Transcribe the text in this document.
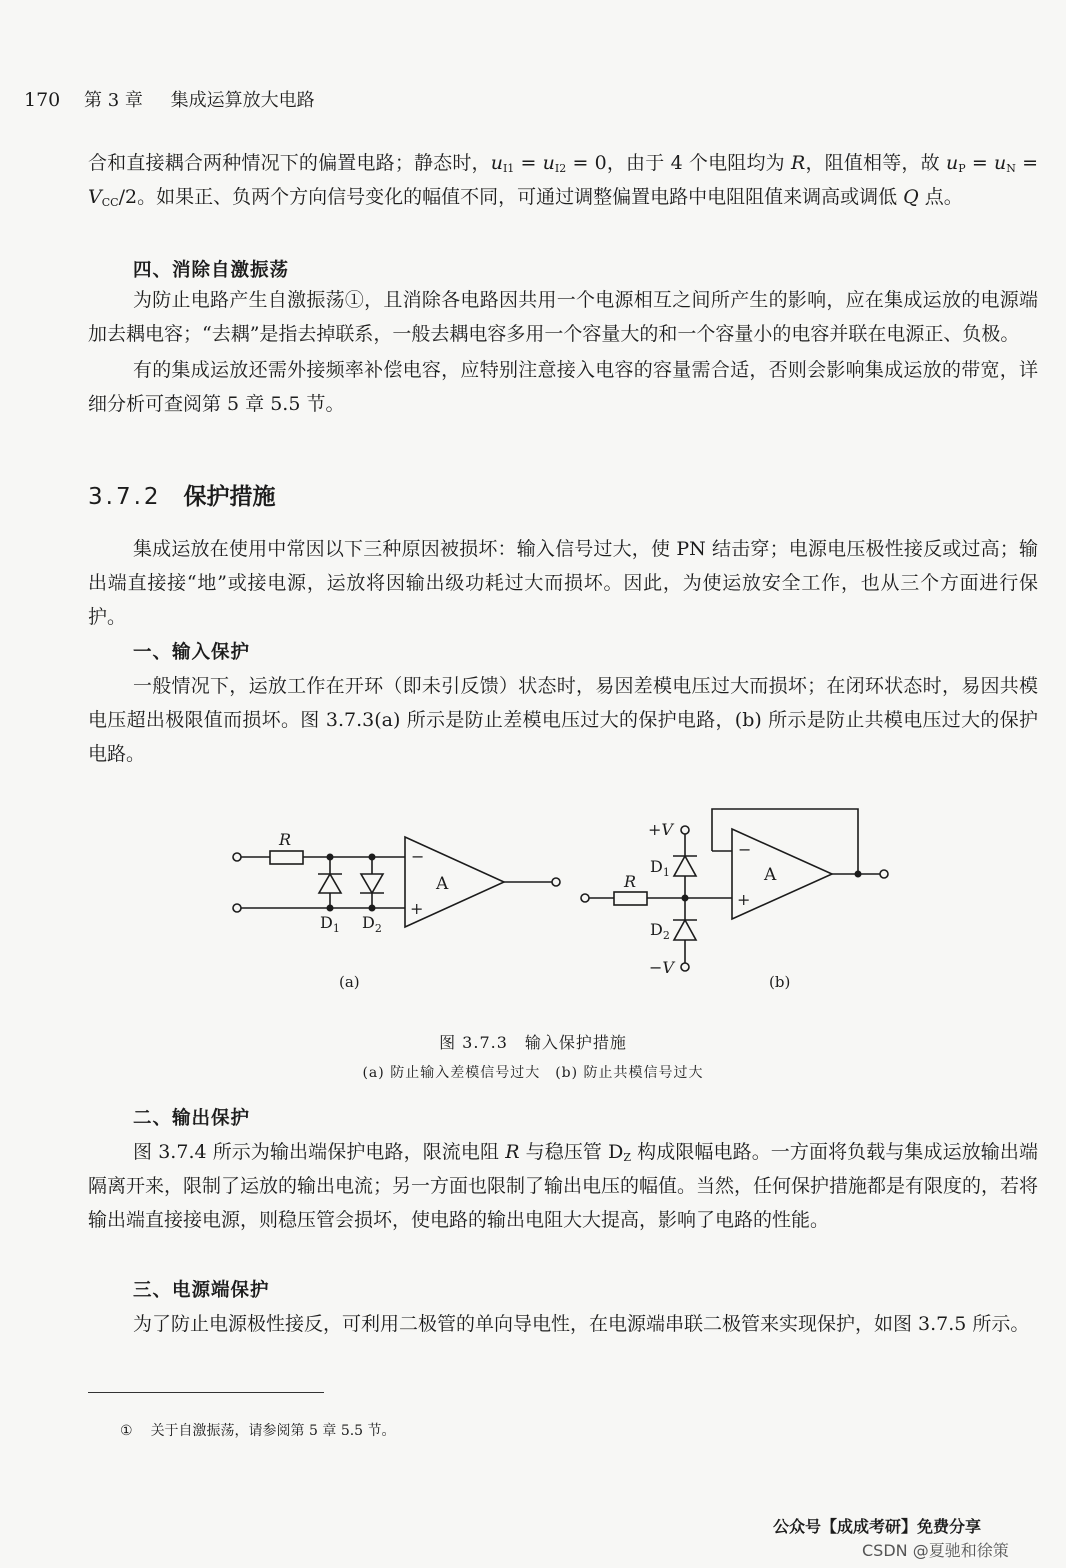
170 第 3 章 集成运算放大电路

合和直接耦合两种情况下的偏置电路；静态时，$u_{I1} = u_{I2} = 0$，由于 4 个电阻均为 R，阻值相等，故 $u_P = u_N = V_{CC}/2$。如果正、负两个方向信号变化的幅值不同，可通过调整偏置电路中电阻阻值来调高或调低 Q 点。

四、消除自激振荡

为防止电路产生自激振荡①，且消除各电路因共用一个电源相互之间所产生的影响，应在集成运放的电源端加去耦电容；“去耦”是指去掉联系，一般去耦电容多用一个容量大的和一个容量小的电容并联在电源正、负极。

有的集成运放还需外接频率补偿电容，应特别注意接入电容的容量需合适，否则会影响集成运放的带宽，详细分析可查阅第 5 章 5.5 节。

3.7.2 保护措施

集成运放在使用中常因以下三种原因被损坏：输入信号过大，使 PN 结击穿；电源电压极性接反或过高；输出端直接接“地”或接电源，运放将因输出级功耗过大而损坏。因此，为使运放安全工作，也从三个方面进行保护。

一、输入保护

一般情况下，运放工作在开环（即未引反馈）状态时，易因差模电压过大而损坏；在闭环状态时，易因共模电压超出极限值而损坏。图 3.7.3(a) 所示是防止差模电压过大的保护电路，(b) 所示是防止共模电压过大的保护电路。

R
$D_1$ $D_2$
−
+
A
(a)
+V
−V
R
$D_1$
$D_2$
−
+
A
(b)
图 3.7.3　输入保护措施
(a) 防止输入差模信号过大　(b) 防止共模信号过大
二、输出保护

图 3.7.4 所示为输出端保护电路，限流电阻 R 与稳压管 $D_Z$ 构成限幅电路。一方面将负载与集成运放输出端隔离开来，限制了运放的输出电流；另一方面也限制了输出电压的幅值。当然，任何保护措施都是有限度的，若将输出端直接接电源，则稳压管会损坏，使电路的输出电阻大大提高，影响了电路的性能。

三、电源端保护

为了防止电源极性接反，可利用二极管的单向导电性，在电源端串联二极管来实现保护，如图 3.7.5 所示。

① 关于自激振荡，请参阅第 5 章 5.5 节。
公众号【成成考研】免费分享
CSDN @夏驰和徐策
